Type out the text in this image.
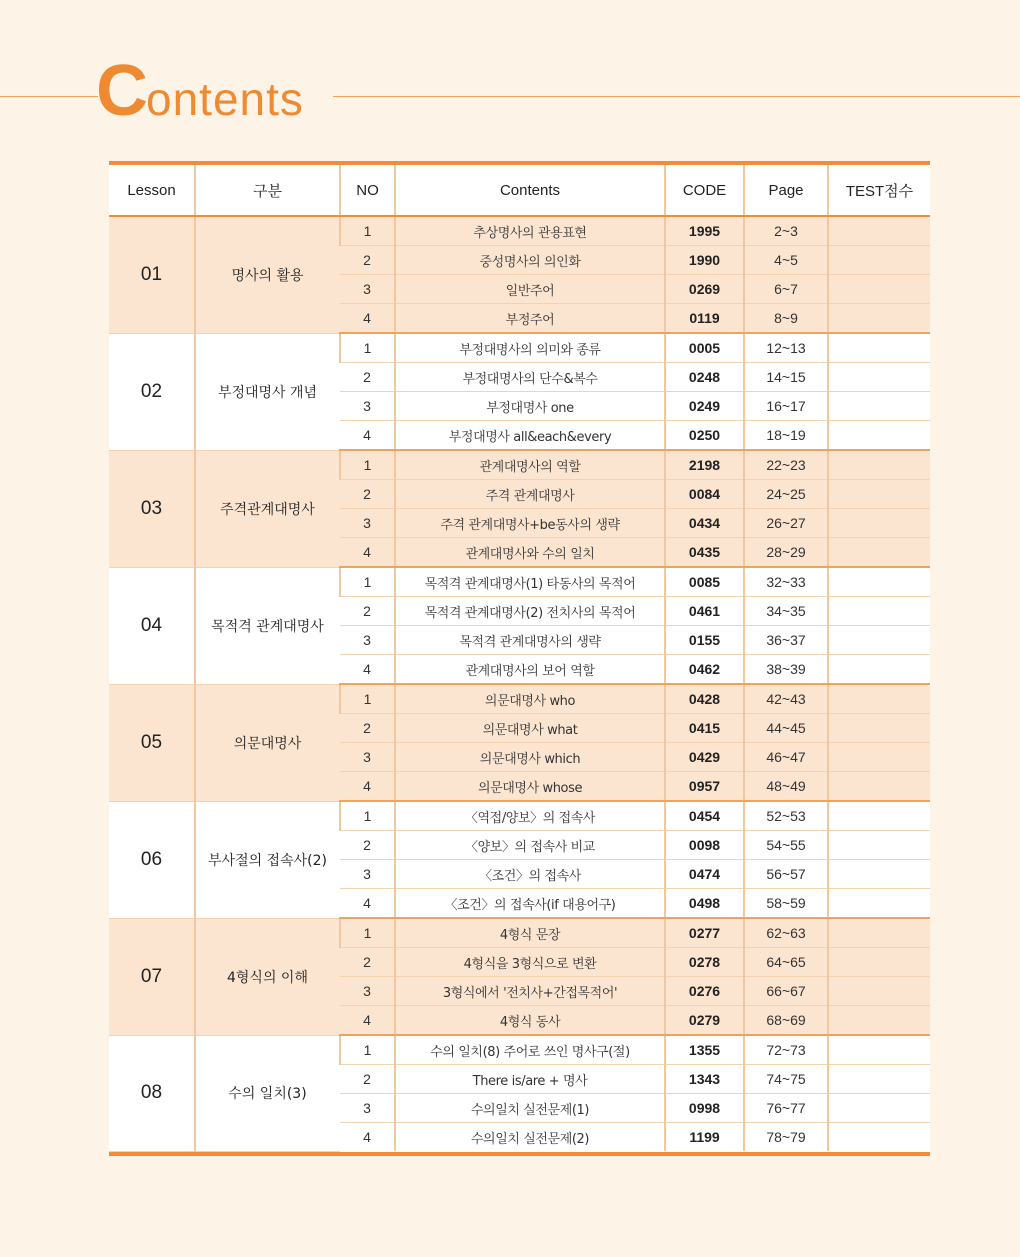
Contents
Lesson	구분	NO	Contents	CODE	Page	TEST점수
01	명사의 활용	1	추상명사의 관용표현	1995	2~3	
		2	중성명사의 의인화	1990	4~5	
		3	일반주어	0269	6~7	
		4	부정주어	0119	8~9	
02	부정대명사 개념	1	부정대명사의 의미와 종류	0005	12~13	
		2	부정대명사의 단수&복수	0248	14~15	
		3	부정대명사 one	0249	16~17	
		4	부정대명사 all&each&every	0250	18~19	
03	주격관계대명사	1	관계대명사의 역할	2198	22~23	
		2	주격 관계대명사	0084	24~25	
		3	주격 관계대명사+be동사의 생략	0434	26~27	
		4	관계대명사와 수의 일치	0435	28~29	
04	목적격 관계대명사	1	목적격 관계대명사(1) 타동사의 목적어	0085	32~33	
		2	목적격 관계대명사(2) 전치사의 목적어	0461	34~35	
		3	목적격 관계대명사의 생략	0155	36~37	
		4	관계대명사의 보어 역할	0462	38~39	
05	의문대명사	1	의문대명사 who	0428	42~43	
		2	의문대명사 what	0415	44~45	
		3	의문대명사 which	0429	46~47	
		4	의문대명사 whose	0957	48~49	
06	부사절의 접속사(2)	1	〈역접/양보〉의 접속사	0454	52~53	
		2	〈양보〉의 접속사 비교	0098	54~55	
		3	〈조건〉의 접속사	0474	56~57	
		4	〈조건〉의 접속사(if 대용어구)	0498	58~59	
07	4형식의 이해	1	4형식 문장	0277	62~63	
		2	4형식을 3형식으로 변환	0278	64~65	
		3	3형식에서 '전치사+간접목적어'	0276	66~67	
		4	4형식 동사	0279	68~69	
08	수의 일치(3)	1	수의 일치(8) 주어로 쓰인 명사구(절)	1355	72~73	
		2	There is/are + 명사	1343	74~75	
		3	수의일치 실전문제(1)	0998	76~77	
		4	수의일치 실전문제(2)	1199	78~79	
